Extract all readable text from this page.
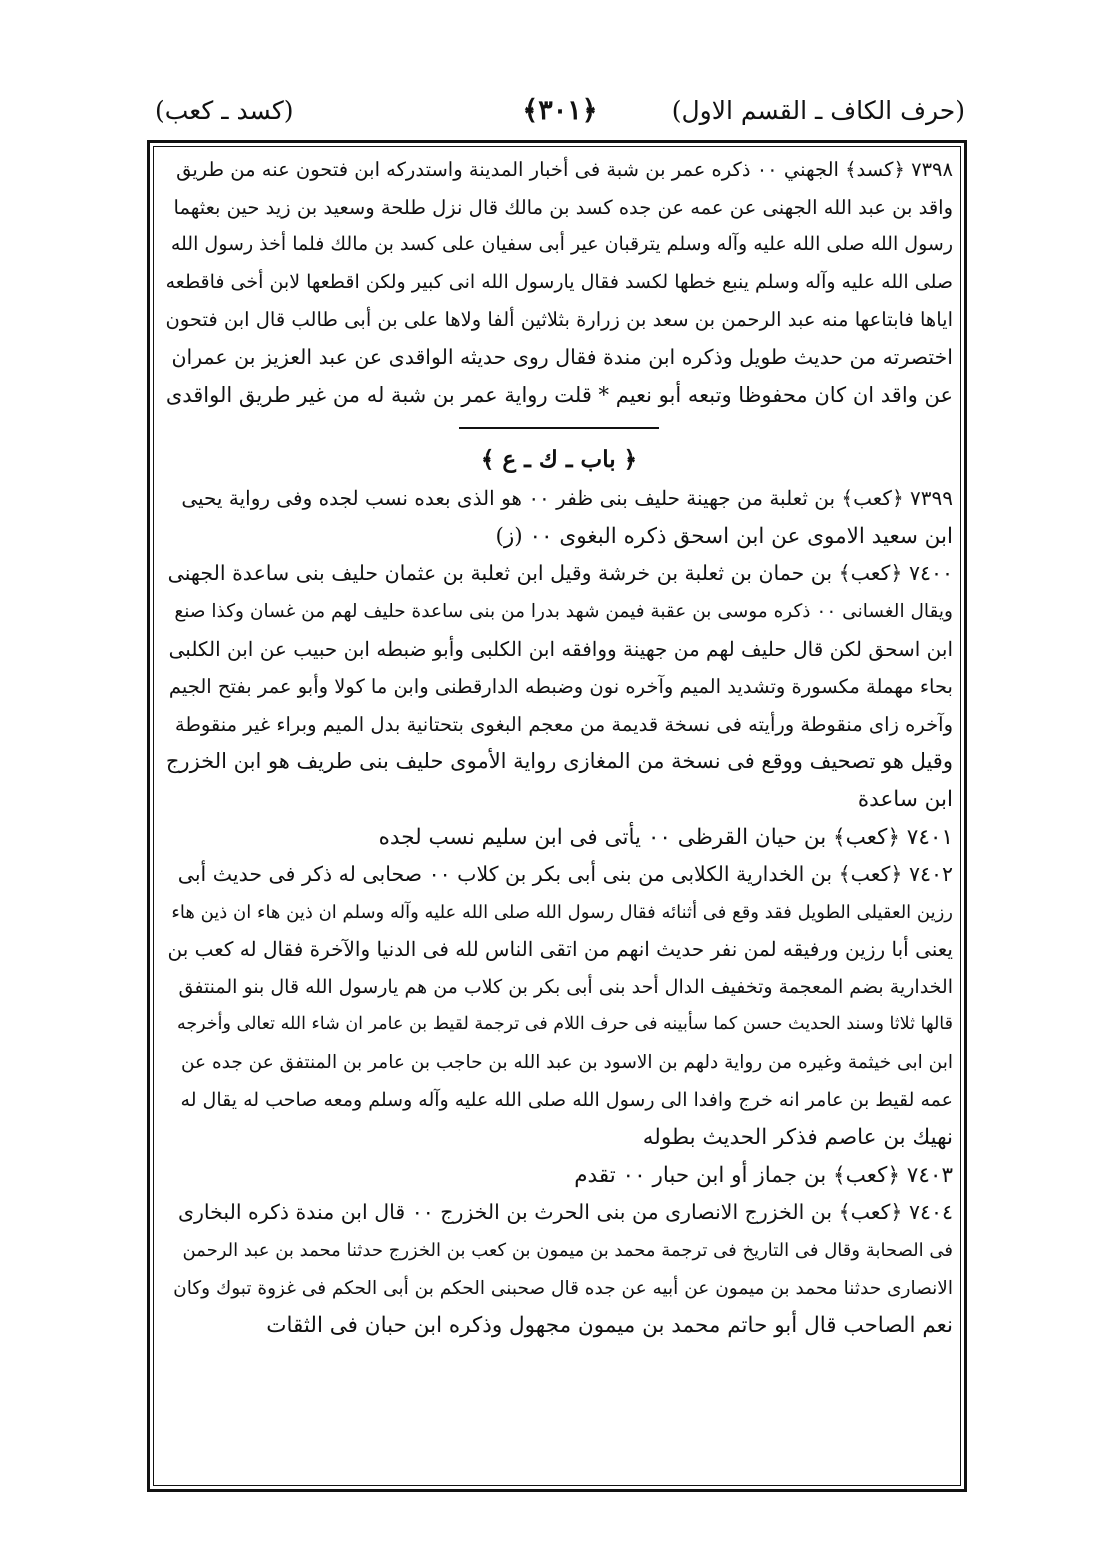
(حرف الكاف ـ القسم الاول)
﴿٣٠١﴾
(كسد ـ كعب)
٧٣٩٨ ﴿كسد﴾ الجهني ٠٠ ذكره عمر بن شبة فى أخبار المدينة واستدركه ابن فتحون عنه من طريق
واقد بن عبد الله الجهنى عن عمه عن جده كسد بن مالك قال نزل طلحة وسعيد بن زيد حين بعثهما
رسول الله صلى الله عليه وآله وسلم يترقبان عير أبى سفيان على كسد بن مالك فلما أخذ رسول الله
صلى الله عليه وآله وسلم ينبع خطها لكسد فقال يارسول الله انى كبير ولكن اقطعها لابن أخى فاقطعه
اياها فابتاعها منه عبد الرحمن بن سعد بن زرارة بثلاثين ألفا ولاها على بن أبى طالب قال ابن فتحون
اختصرته من حديث طويل وذكره ابن مندة فقال روى حديثه الواقدى عن عبد العزيز بن عمران
عن واقد ان كان محفوظا وتبعه أبو نعيم * قلت رواية عمر بن شبة له من غير طريق الواقدى
﴿ باب ـ ك ـ ع ﴾
٧٣٩٩ ﴿كعب﴾ بن ثعلبة من جهينة حليف بنى ظفر ٠٠ هو الذى بعده نسب لجده وفى رواية يحيى
ابن سعيد الاموى عن ابن اسحق ذكره البغوى ٠٠ (ز)
٧٤٠٠ ﴿كعب﴾ بن حمان بن ثعلبة بن خرشة وقيل ابن ثعلبة بن عثمان حليف بنى ساعدة الجهنى
ويقال الغسانى ٠٠ ذكره موسى بن عقبة فيمن شهد بدرا من بنى ساعدة حليف لهم من غسان وكذا صنع
ابن اسحق لكن قال حليف لهم من جهينة ووافقه ابن الكلبى وأبو ضبطه ابن حبيب عن ابن الكلبى
بحاء مهملة مكسورة وتشديد الميم وآخره نون وضبطه الدارقطنى وابن ما كولا وأبو عمر بفتح الجيم
وآخره زاى منقوطة ورأيته فى نسخة قديمة من معجم البغوى بتحتانية بدل الميم وبراء غير منقوطة
وقيل هو تصحيف ووقع فى نسخة من المغازى رواية الأموى حليف بنى طريف هو ابن الخزرج
ابن ساعدة
٧٤٠١ ﴿كعب﴾ بن حيان القرظى ٠٠ يأتى فى ابن سليم نسب لجده
٧٤٠٢ ﴿كعب﴾ بن الخدارية الكلابى من بنى أبى بكر بن كلاب ٠٠ صحابى له ذكر فى حديث أبى
رزين العقيلى الطويل فقد وقع فى أثنائه فقال رسول الله صلى الله عليه وآله وسلم ان ذين هاء ان ذين هاء
يعنى أبا رزين ورفيقه لمن نفر حديث انهم من اتقى الناس لله فى الدنيا والآخرة فقال له كعب بن
الخدارية بضم المعجمة وتخفيف الدال أحد بنى أبى بكر بن كلاب من هم يارسول الله قال بنو المنتفق
قالها ثلاثا وسند الحديث حسن كما سأبينه فى حرف اللام فى ترجمة لقيط بن عامر ان شاء الله تعالى وأخرجه
ابن ابى خيثمة وغيره من رواية دلهم بن الاسود بن عبد الله بن حاجب بن عامر بن المنتفق عن جده عن
عمه لقيط بن عامر انه خرج وافدا الى رسول الله صلى الله عليه وآله وسلم ومعه صاحب له يقال له
نهيك بن عاصم فذكر الحديث بطوله
٧٤٠٣ ﴿كعب﴾ بن جماز أو ابن حبار ٠٠ تقدم
٧٤٠٤ ﴿كعب﴾ بن الخزرج الانصارى من بنى الحرث بن الخزرج ٠٠ قال ابن مندة ذكره البخارى
فى الصحابة وقال فى التاريخ فى ترجمة محمد بن ميمون بن كعب بن الخزرج حدثنا محمد بن عبد الرحمن
الانصارى حدثنا محمد بن ميمون عن أبيه عن جده قال صحبنى الحكم بن أبى الحكم فى غزوة تبوك وكان
نعم الصاحب قال أبو حاتم محمد بن ميمون مجهول وذكره ابن حبان فى الثقات
